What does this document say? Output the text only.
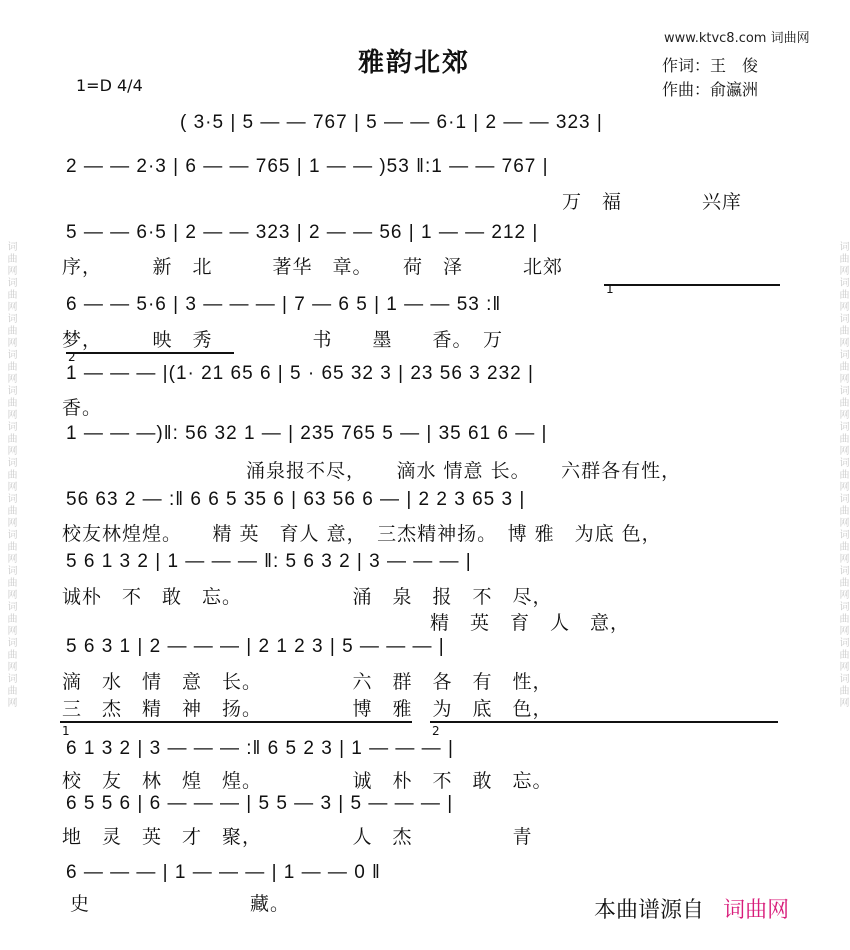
词曲网词曲网词曲网词曲网词曲网词曲网词曲网词曲网词曲网词曲网词曲网词曲网词曲网	词曲网词曲网词曲网词曲网词曲网词曲网词曲网词曲网词曲网词曲网词曲网词曲网词曲网
www.ktvc8.com 词曲网
雅韵北郊	作词：王　俊
作曲：俞瀛洲
1=D 4/4
( 3·5 | 5 — — 767 | 5 — — 6·1 | 2 — — 323 |
2 — — 2·3 | 6 — — 765 | 1 — — )53 ‖:1 — — 767 |
万　福　　　　兴庠
5 — — 6·5 | 2 — — 323 | 2 — — 56 | 1 — — 212 |
序，　　　新　北　　　著华　章。　　荷　泽　　　北郊
6 — — 5·6 | 3 — — — | 7 — 6 5 | 1 — — 53 :‖
梦，　　　映　秀　　　　　书　　墨　　香。　万
1 — — — |(1· 21 65 6 | 5 · 65 32 3 | 23 56 3 232 |
香。
1 — — —)‖: 56 32 1 — | 235 765 5 — | 35 61 6 — |
涌泉报不尽，　　滴水 情意 长。　　六群各有性，
56 63 2 — :‖ 6 6 5 35 6 | 63 56 6 — | 2 2 3 65 3 |
校友林煌煌。　　精 英　育人 意，　三杰精神扬。　博 雅　为底 色，
5 6 1 3 2 | 1 — — — ‖: 5 6 3 2 | 3 — — — |
诚朴　不　敢　忘。　　　　　　涌　泉　报　不　尽，
精　英　育　人　意，
5 6 3 1 | 2 — — — | 2 1 2 3 | 5 — — — |
滴　水　情　意　长。　　　　　六　群　各　有　性，
三　杰　精　神　扬。　　　　　博　雅　为　底　色，
6 1 3 2 | 3 — — — :‖ 6 5 2 3 | 1 — — — |
校　友　林　煌　煌。　　　　　诚　朴　不　敢　忘。
6 5 5 6 | 6 — — — | 5 5 — 3 | 5 — — — |
地　灵　英　才　聚，　　　　　人　杰　　　　　青
6 — — — | 1 — — — | 1 — — 0 ‖
史　　　　　　　　藏。
1
2
1	2
本曲谱源自 词曲网
